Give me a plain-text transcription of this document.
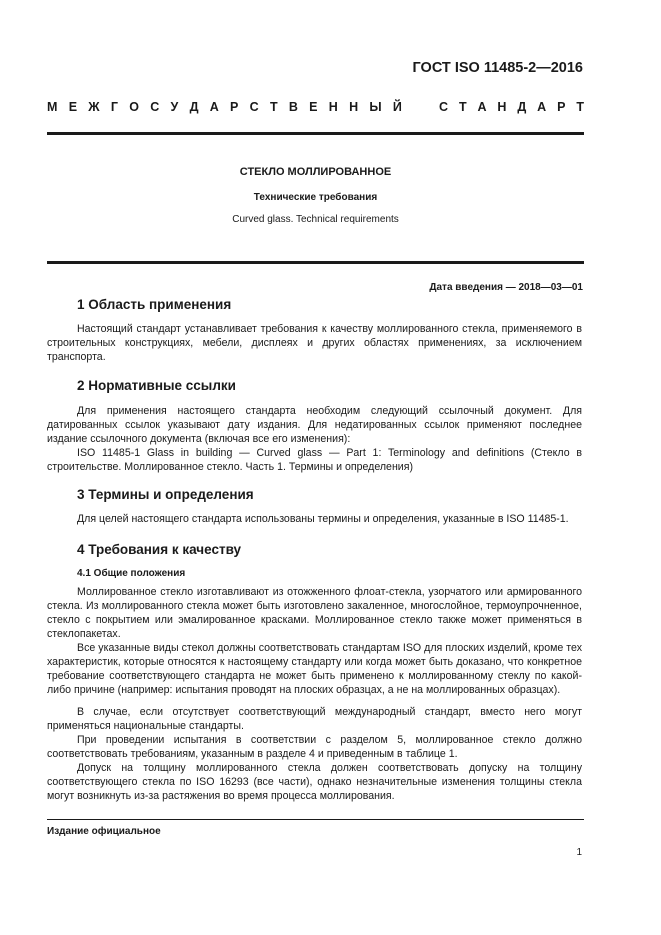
ГОСТ ISO 11485-2—2016
М Е Ж Г О С У Д А Р С Т В Е Н Н Ы Й	С Т А Н Д А Р Т
СТЕКЛО МОЛЛИРОВАННОЕ
Технические требования
Curved glass. Technical requirements
Дата введения — 2018—03—01
1 Область применения
Настоящий стандарт устанавливает требования к качеству моллированного стекла, применяемого в строительных конструкциях, мебели, дисплеях и других областях применениях, за исключением транспорта.
2 Нормативные ссылки
Для применения настоящего стандарта необходим следующий ссылочный документ. Для датированных ссылок указывают дату издания. Для недатированных ссылок применяют последнее издание ссылочного документа (включая все его изменения):
ISO 11485-1 Glass in building — Curved glass — Part 1: Terminology and definitions (Стекло в строительстве. Моллированное стекло. Часть 1. Термины и определения)
3 Термины и определения
Для целей настоящего стандарта использованы термины и определения, указанные в ISO 11485-1.
4 Требования к качеству
4.1 Общие положения
Моллированное стекло изготавливают из отожженного флоат-стекла, узорчатого или армированного стекла. Из моллированного стекла может быть изготовлено закаленное, многослойное, термоупрочненное, стекло с покрытием или эмалированное красками. Моллированное стекло также может применяться в стеклопакетах.
Все указанные виды стекол должны соответствовать стандартам ISO для плоских изделий, кроме тех характеристик, которые относятся к настоящему стандарту или когда может быть доказано, что конкретное требование соответствующего стандарта не может быть применено к моллированному стеклу по какой-либо причине (например: испытания проводят на плоских образцах, а не на моллированных образцах).
В случае, если отсутствует соответствующий международный стандарт, вместо него могут применяться национальные стандарты.
При проведении испытания в соответствии с разделом 5, моллированное стекло должно соответствовать требованиям, указанным в разделе 4 и приведенным в таблице 1.
Допуск на толщину моллированного стекла должен соответствовать допуску на толщину соответствующего стекла по ISO 16293 (все части), однако незначительные изменения толщины стекла могут возникнуть из-за растяжения во время процесса моллирования.
Издание официальное
1
